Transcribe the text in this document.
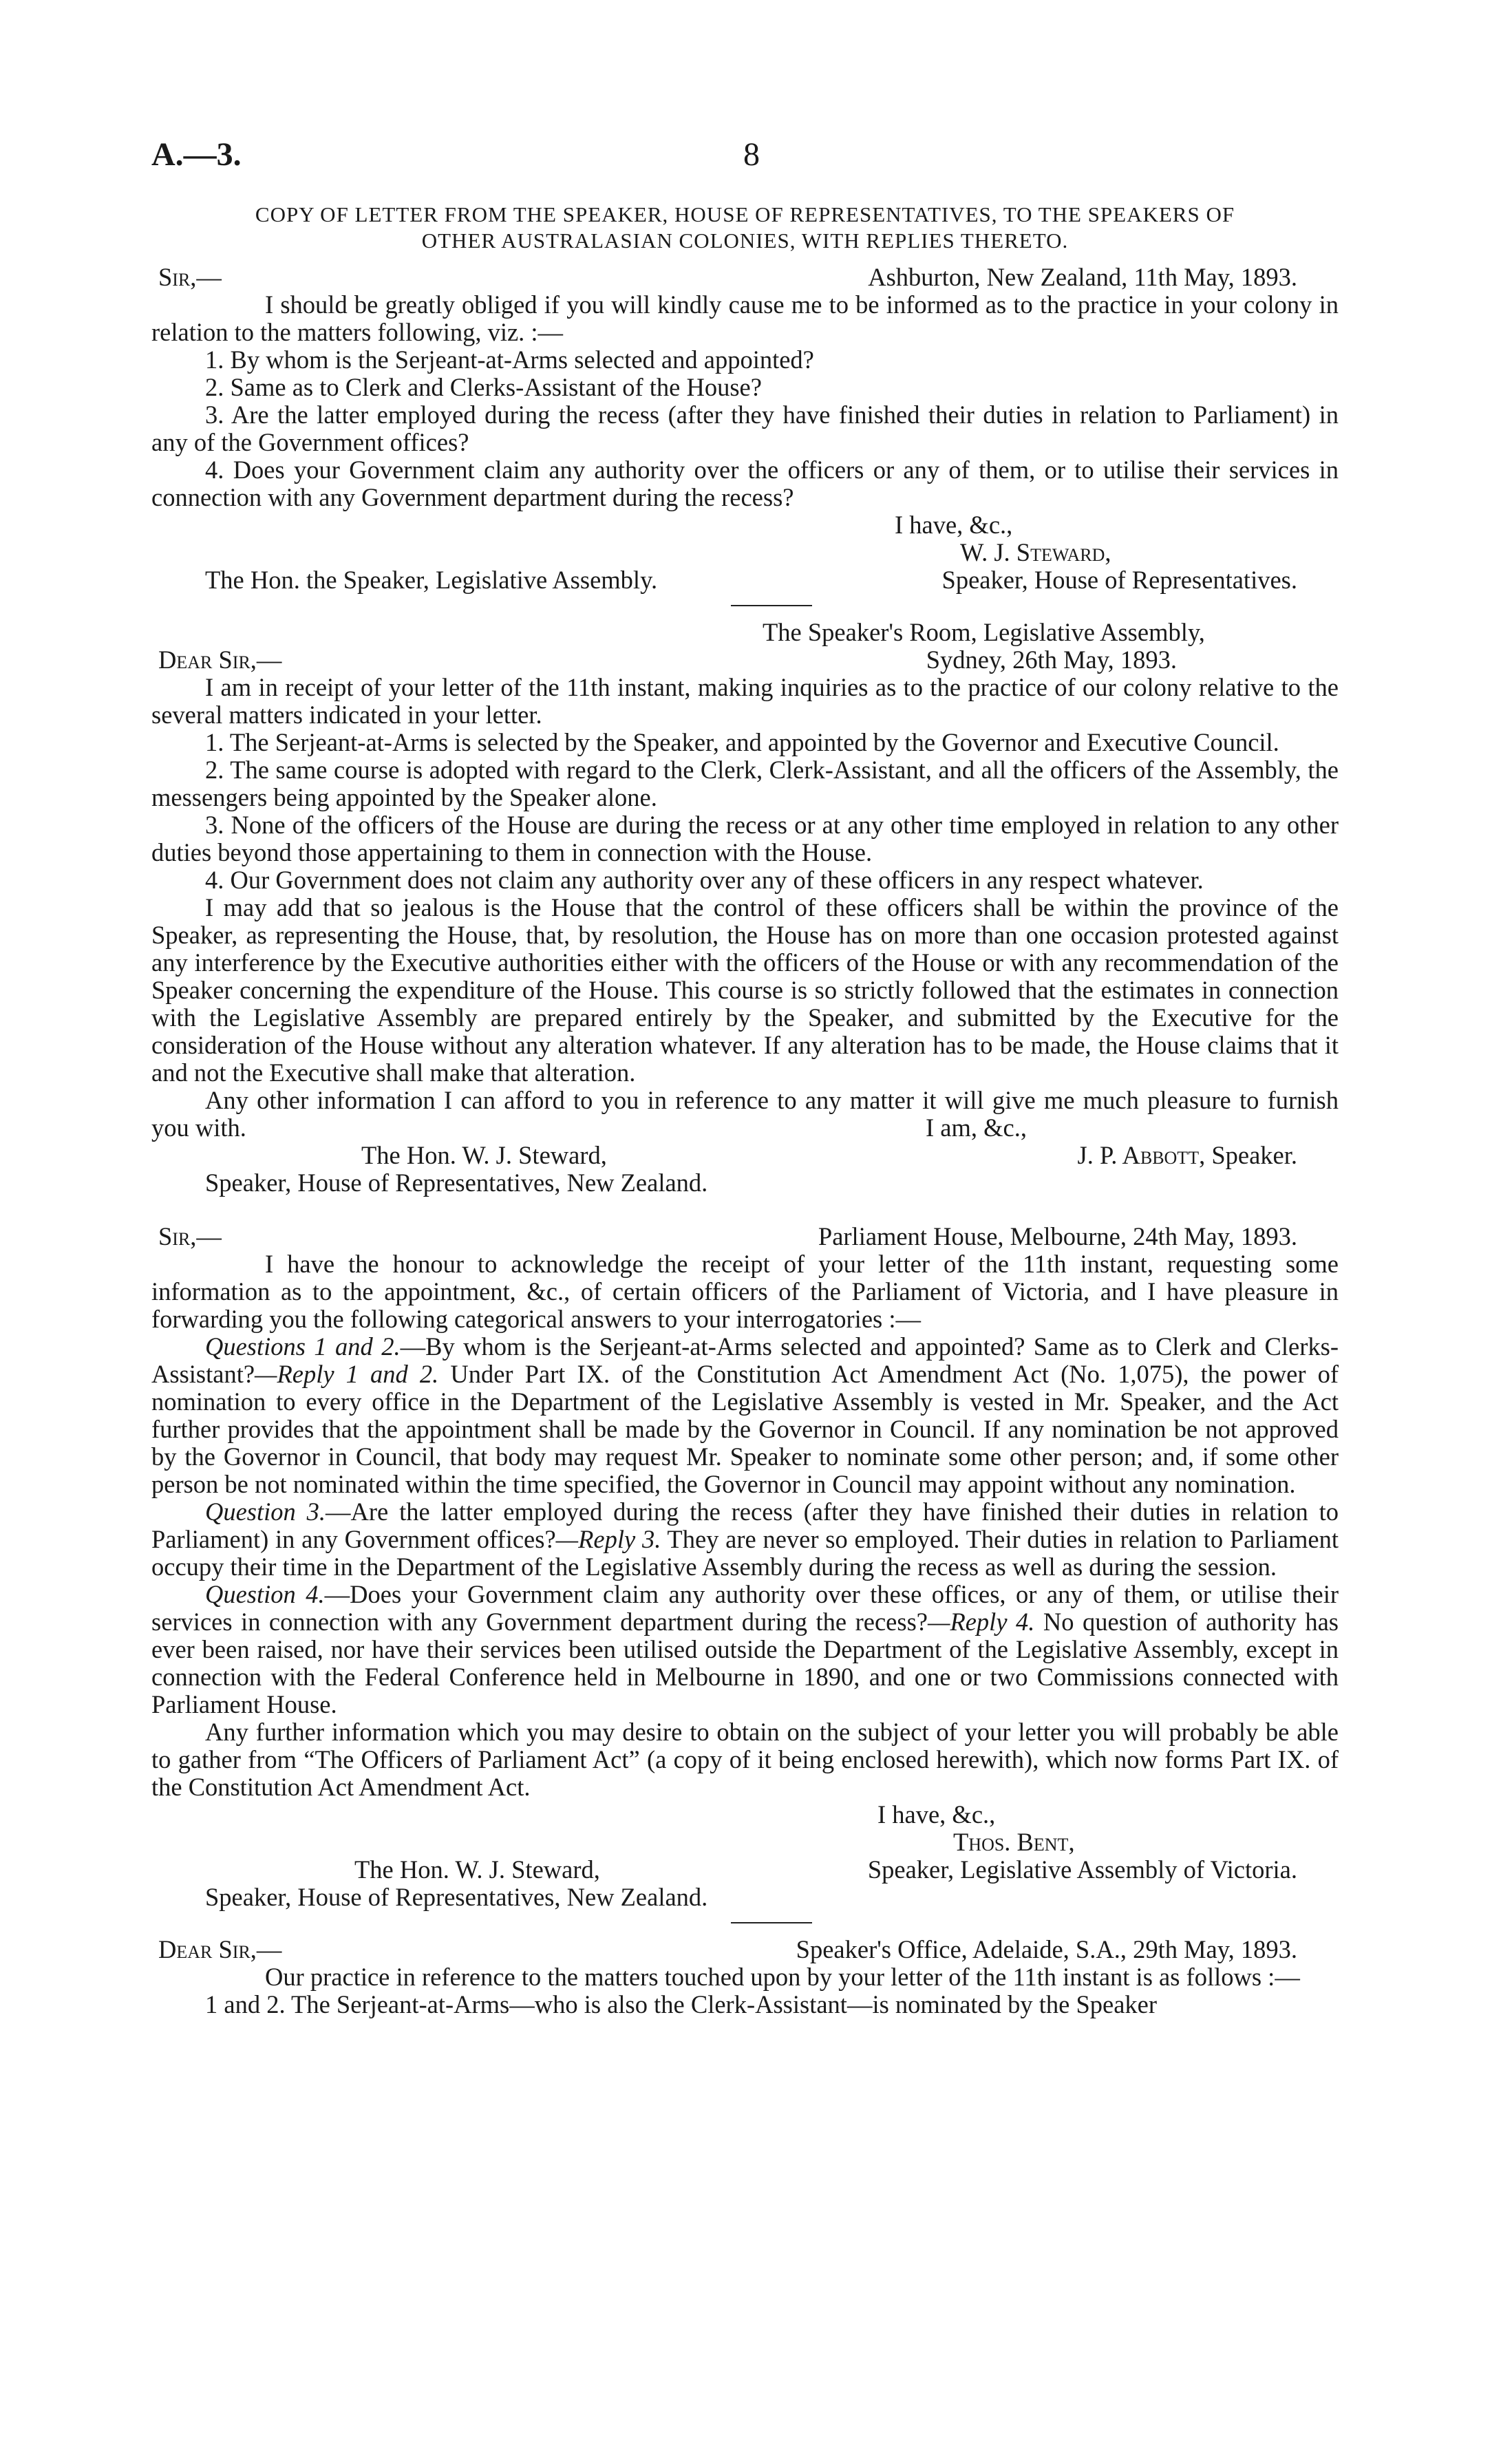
A.—3.	8
COPY OF LETTER FROM THE SPEAKER, HOUSE OF REPRESENTATIVES, TO THE SPEAKERS OF
OTHER AUSTRALASIAN COLONIES, WITH REPLIES THERETO.
Sir,—	Ashburton, New Zealand, 11th May, 1893.

I should be greatly obliged if you will kindly cause me to be informed as to the practice in your colony in relation to the matters following, viz. :—

1. By whom is the Serjeant-at-Arms selected and appointed?

2. Same as to Clerk and Clerks-Assistant of the House?

3. Are the latter employed during the recess (after they have finished their duties in relation to Parliament) in any of the Government offices?

4. Does your Government claim any authority over the officers or any of them, or to utilise their services in connection with any Government department during the recess?

I have, &c.,
W. J. Steward,
The Hon. the Speaker, Legislative Assembly.	Speaker, House of Representatives.
The Speaker's Room, Legislative Assembly,
Dear Sir,—	Sydney, 26th May, 1893.

I am in receipt of your letter of the 11th instant, making inquiries as to the practice of our colony relative to the several matters indicated in your letter.

1. The Serjeant-at-Arms is selected by the Speaker, and appointed by the Governor and Executive Council.

2. The same course is adopted with regard to the Clerk, Clerk-Assistant, and all the officers of the Assembly, the messengers being appointed by the Speaker alone.

3. None of the officers of the House are during the recess or at any other time employed in relation to any other duties beyond those appertaining to them in connection with the House.

4. Our Government does not claim any authority over any of these officers in any respect whatever.

I may add that so jealous is the House that the control of these officers shall be within the province of the Speaker, as representing the House, that, by resolution, the House has on more than one occasion protested against any interference by the Executive authorities either with the officers of the House or with any recommendation of the Speaker concerning the expenditure of the House. This course is so strictly followed that the estimates in connection with the Legislative Assembly are prepared entirely by the Speaker, and submitted by the Executive for the consideration of the House without any alteration whatever. If any alteration has to be made, the House claims that it and not the Executive shall make that alteration.

Any other information I can afford to you in reference to any matter it will give me much pleasure to furnish you with.	I am, &c.,
The Hon. W. J. Steward,	J. P. Abbott, Speaker.
Speaker, House of Representatives, New Zealand.
Sir,—	Parliament House, Melbourne, 24th May, 1893.

I have the honour to acknowledge the receipt of your letter of the 11th instant, requesting some information as to the appointment, &c., of certain officers of the Parliament of Victoria, and I have pleasure in forwarding you the following categorical answers to your interrogatories :—

Questions 1 and 2.—By whom is the Serjeant-at-Arms selected and appointed? Same as to Clerk and Clerks-Assistant?—Reply 1 and 2. Under Part IX. of the Constitution Act Amendment Act (No. 1,075), the power of nomination to every office in the Department of the Legislative Assembly is vested in Mr. Speaker, and the Act further provides that the appointment shall be made by the Governor in Council. If any nomination be not approved by the Governor in Council, that body may request Mr. Speaker to nominate some other person; and, if some other person be not nominated within the time specified, the Governor in Council may appoint without any nomination.

Question 3.—Are the latter employed during the recess (after they have finished their duties in relation to Parliament) in any Government offices?—Reply 3. They are never so employed. Their duties in relation to Parliament occupy their time in the Department of the Legislative Assembly during the recess as well as during the session.

Question 4.—Does your Government claim any authority over these offices, or any of them, or utilise their services in connection with any Government department during the recess?—Reply 4. No question of authority has ever been raised, nor have their services been utilised outside the Department of the Legislative Assembly, except in connection with the Federal Conference held in Melbourne in 1890, and one or two Commissions connected with Parliament House.

Any further information which you may desire to obtain on the subject of your letter you will probably be able to gather from “The Officers of Parliament Act” (a copy of it being enclosed herewith), which now forms Part IX. of the Constitution Act Amendment Act.

I have, &c.,
Thos. Bent,
The Hon. W. J. Steward,	Speaker, Legislative Assembly of Victoria.
Speaker, House of Representatives, New Zealand.
Dear Sir,—	Speaker's Office, Adelaide, S.A., 29th May, 1893.

Our practice in reference to the matters touched upon by your letter of the 11th instant is as follows :—

1 and 2. The Serjeant-at-Arms—who is also the Clerk-Assistant—is nominated by the Speaker
